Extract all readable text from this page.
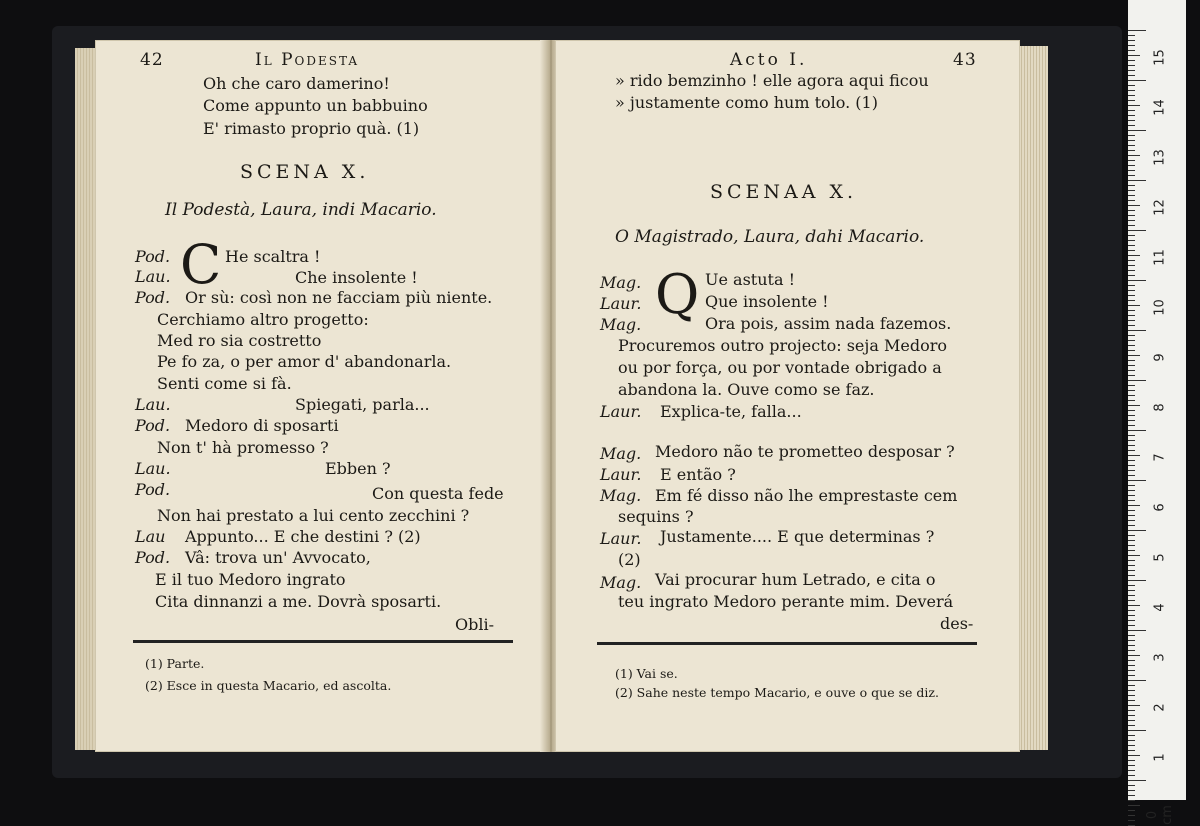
42	Il Podesta
Oh che caro damerino!
Come appunto un babbuino
E' rimasto proprio quà. (1)
SCENA X.
Il Podestà, Laura, indi Macario.
C
Pod.	He scaltra !
Lau.	Che insolente !
Pod. Or sù: così non ne facciam più niente.
Cerchiamo altro progetto:
Med ro sia costretto
Pe fo za, o per amor d' abandonarla.
Senti come si fà.
Lau.	Spiegati, parla...
Pod. Medoro di sposarti
Non t' hà promesso ?
Lau.	Ebben ?
Pod.	Con questa fede
Non hai prestato a lui cento zecchini ?
Lau Appunto... E che destini ? (2)
Pod. Vâ: trova un' Avvocato,
E il tuo Medoro ingrato
Cita dinnanzi a me. Dovrà sposarti.
Obli-
(1) Parte.
(2) Esce in questa Macario, ed ascolta.
Acto I.	43
» rido bemzinho ! elle agora aqui ficou
» justamente como hum tolo. (1)
SCENAA X.
O Magistrado, Laura, dahi Macario.
Q
Mag.	Ue astuta !
Laur.	Que insolente !
Mag.	Ora pois, assim nada fazemos.
Procuremos outro projecto: seja Medoro
ou por força, ou por vontade obrigado a
abandona la. Ouve como se faz.
Laur. Explica-te, falla...
Mag. Medoro não te prometteo desposar ?
Laur. E então ?
Mag. Em fé disso não lhe emprestaste cem
sequins ?
Laur. Justamente.... E que determinas ?
(2)
Mag. Vai procurar hum Letrado, e cita o
teu ingrato Medoro perante mim. Deverá
des-
(1) Vai se.
(2) Sahe neste tempo Macario, e ouve o que se diz.
15
14
13
12
11
10
9
8
7
6
5
4
3
2
1
0 cm
